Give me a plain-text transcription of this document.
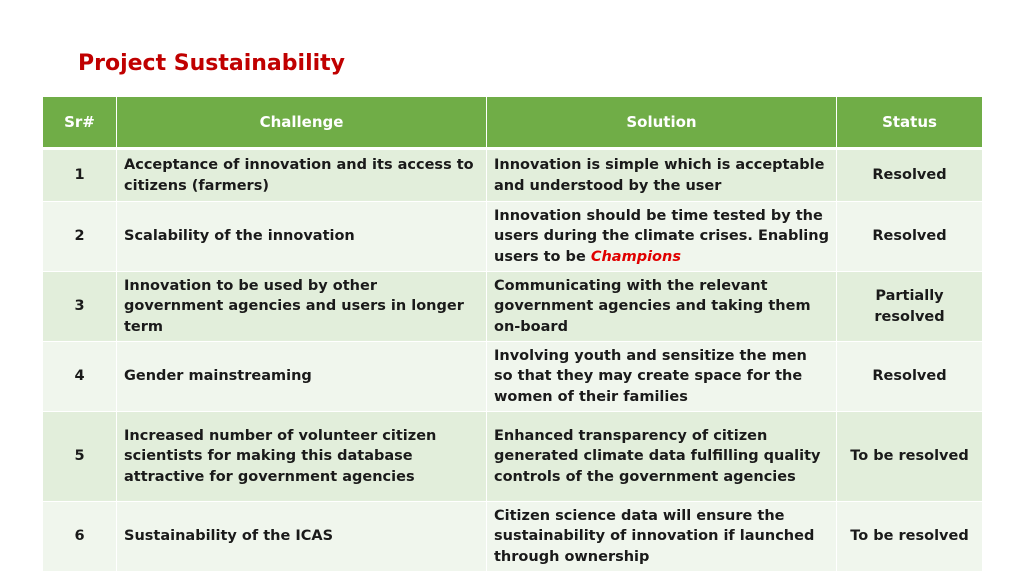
Project Sustainability
Sr#	Challenge	Solution	Status
1	Acceptance of innovation and its access to citizens (farmers)	Innovation is simple which is acceptable and understood by the user	Resolved
2	Scalability of the innovation	Innovation should be time tested by the users during the climate crises. Enabling users to be Champions	Resolved
3	Innovation to be used by other government agencies and users in longer term	Communicating with the relevant government agencies and taking them on-board	Partially resolved
4	Gender mainstreaming	Involving youth and sensitize the men so that they may create space for the women of their families	Resolved
5	Increased number of volunteer citizen scientists for making this database attractive for government agencies	Enhanced transparency of citizen generated climate data fulfilling quality controls of the government agencies	To be resolved
6	Sustainability of the ICAS	Citizen science data will ensure the sustainability of innovation if launched through ownership	To be resolved
